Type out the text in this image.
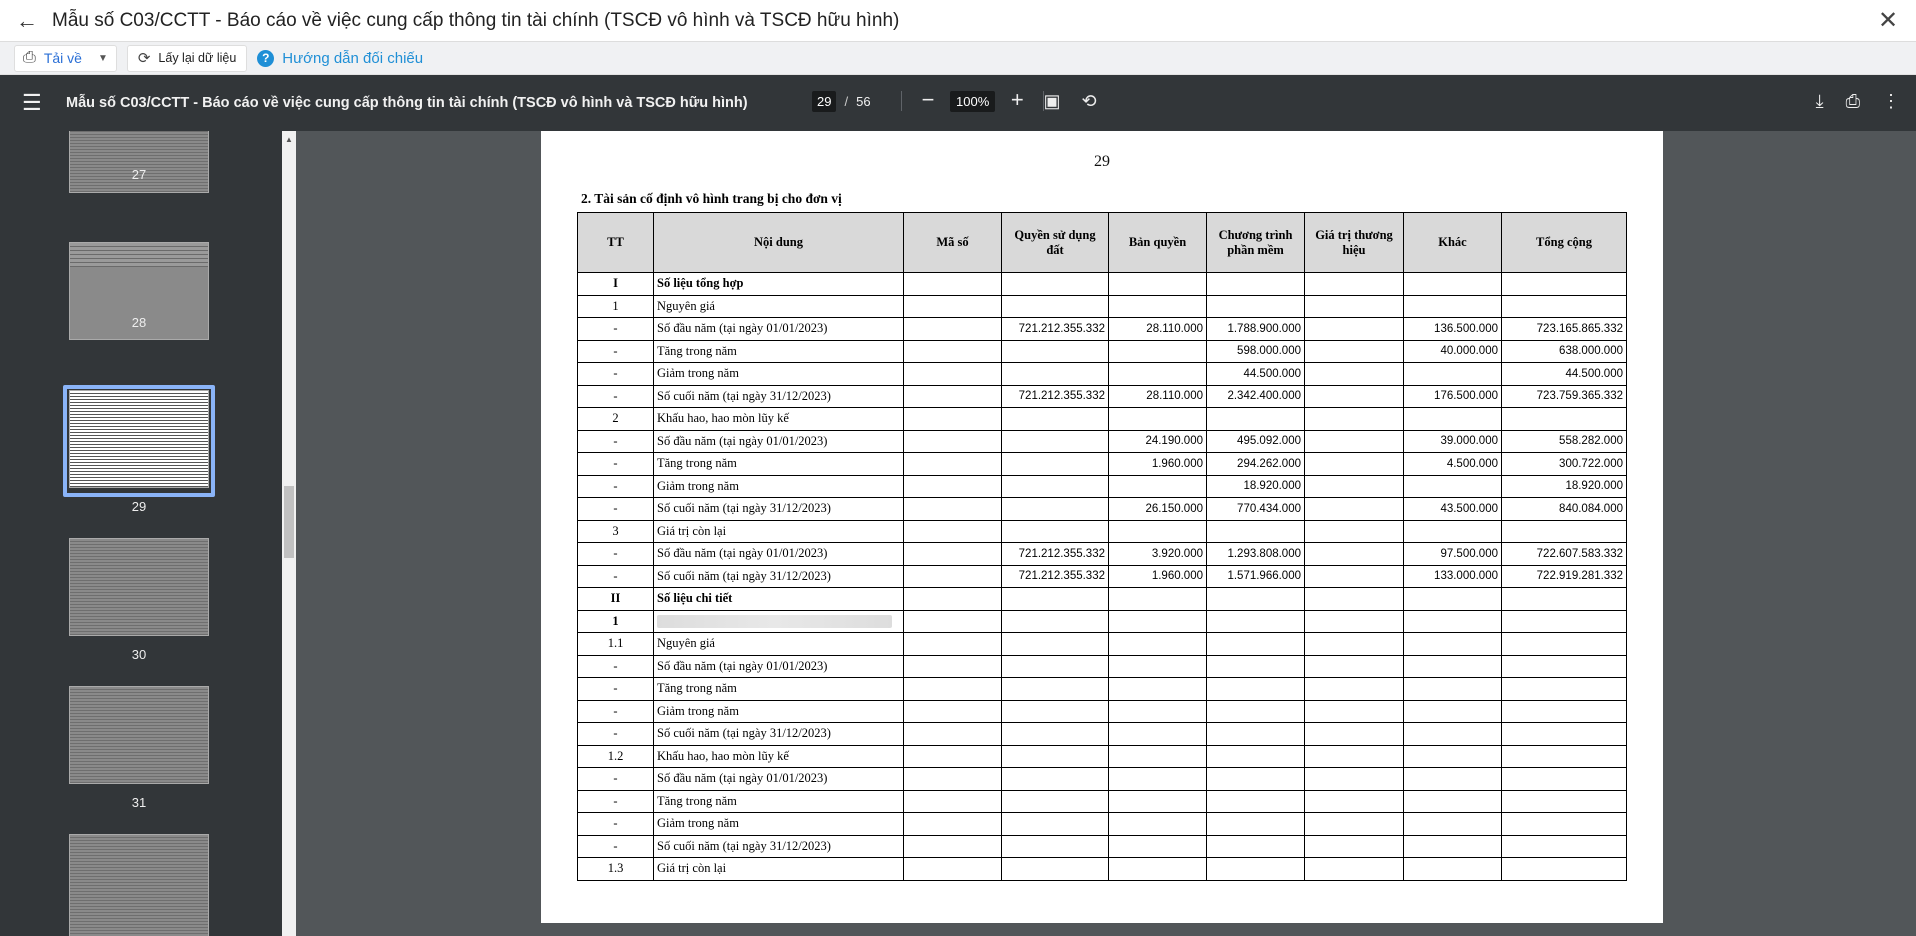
← Mẫu số C03/CCTT - Báo cáo về việc cung cấp thông tin tài chính (TSCĐ vô hình và TSCĐ hữu hình)	✕
⎙ Tải về ▼ ⟳ Lấy lại dữ liệu	? Hướng dẫn đối chiếu
☰ Mẫu số C03/CCTT - Báo cáo về việc cung cấp thông tin tài chính (TSCĐ vô hình và TSCĐ hữu hình)	29	/ 56 −	100% +	▣ ⟲	⤓ ⎙ ⋮
27
28
29
30
31
▲
29
2. Tài sản cố định vô hình trang bị cho đơn vị
TT	Nội dung	Mã số	Quyền sử dụng đất	Bản quyền	Chương trình phần mềm	Giá trị thương hiệu	Khác	Tổng cộng
I	Số liệu tổng hợp							
1	Nguyên giá							
-	Số đầu năm (tại ngày 01/01/2023)		721.212.355.332	28.110.000	1.788.900.000		136.500.000	723.165.865.332
-	Tăng trong năm				598.000.000		40.000.000	638.000.000
-	Giảm trong năm				44.500.000			44.500.000
-	Số cuối năm (tại ngày 31/12/2023)		721.212.355.332	28.110.000	2.342.400.000		176.500.000	723.759.365.332
2	Khấu hao, hao mòn lũy kế							
-	Số đầu năm (tại ngày 01/01/2023)			24.190.000	495.092.000		39.000.000	558.282.000
-	Tăng trong năm			1.960.000	294.262.000		4.500.000	300.722.000
-	Giảm trong năm				18.920.000			18.920.000
-	Số cuối năm (tại ngày 31/12/2023)			26.150.000	770.434.000		43.500.000	840.084.000
3	Giá trị còn lại							
-	Số đầu năm (tại ngày 01/01/2023)		721.212.355.332	3.920.000	1.293.808.000		97.500.000	722.607.583.332
-	Số cuối năm (tại ngày 31/12/2023)		721.212.355.332	1.960.000	1.571.966.000		133.000.000	722.919.281.332
II	Số liệu chi tiết							
1								
1.1	Nguyên giá							
-	Số đầu năm (tại ngày 01/01/2023)							
-	Tăng trong năm							
-	Giảm trong năm							
-	Số cuối năm (tại ngày 31/12/2023)							
1.2	Khấu hao, hao mòn lũy kế							
-	Số đầu năm (tại ngày 01/01/2023)							
-	Tăng trong năm							
-	Giảm trong năm							
-	Số cuối năm (tại ngày 31/12/2023)							
1.3	Giá trị còn lại							
